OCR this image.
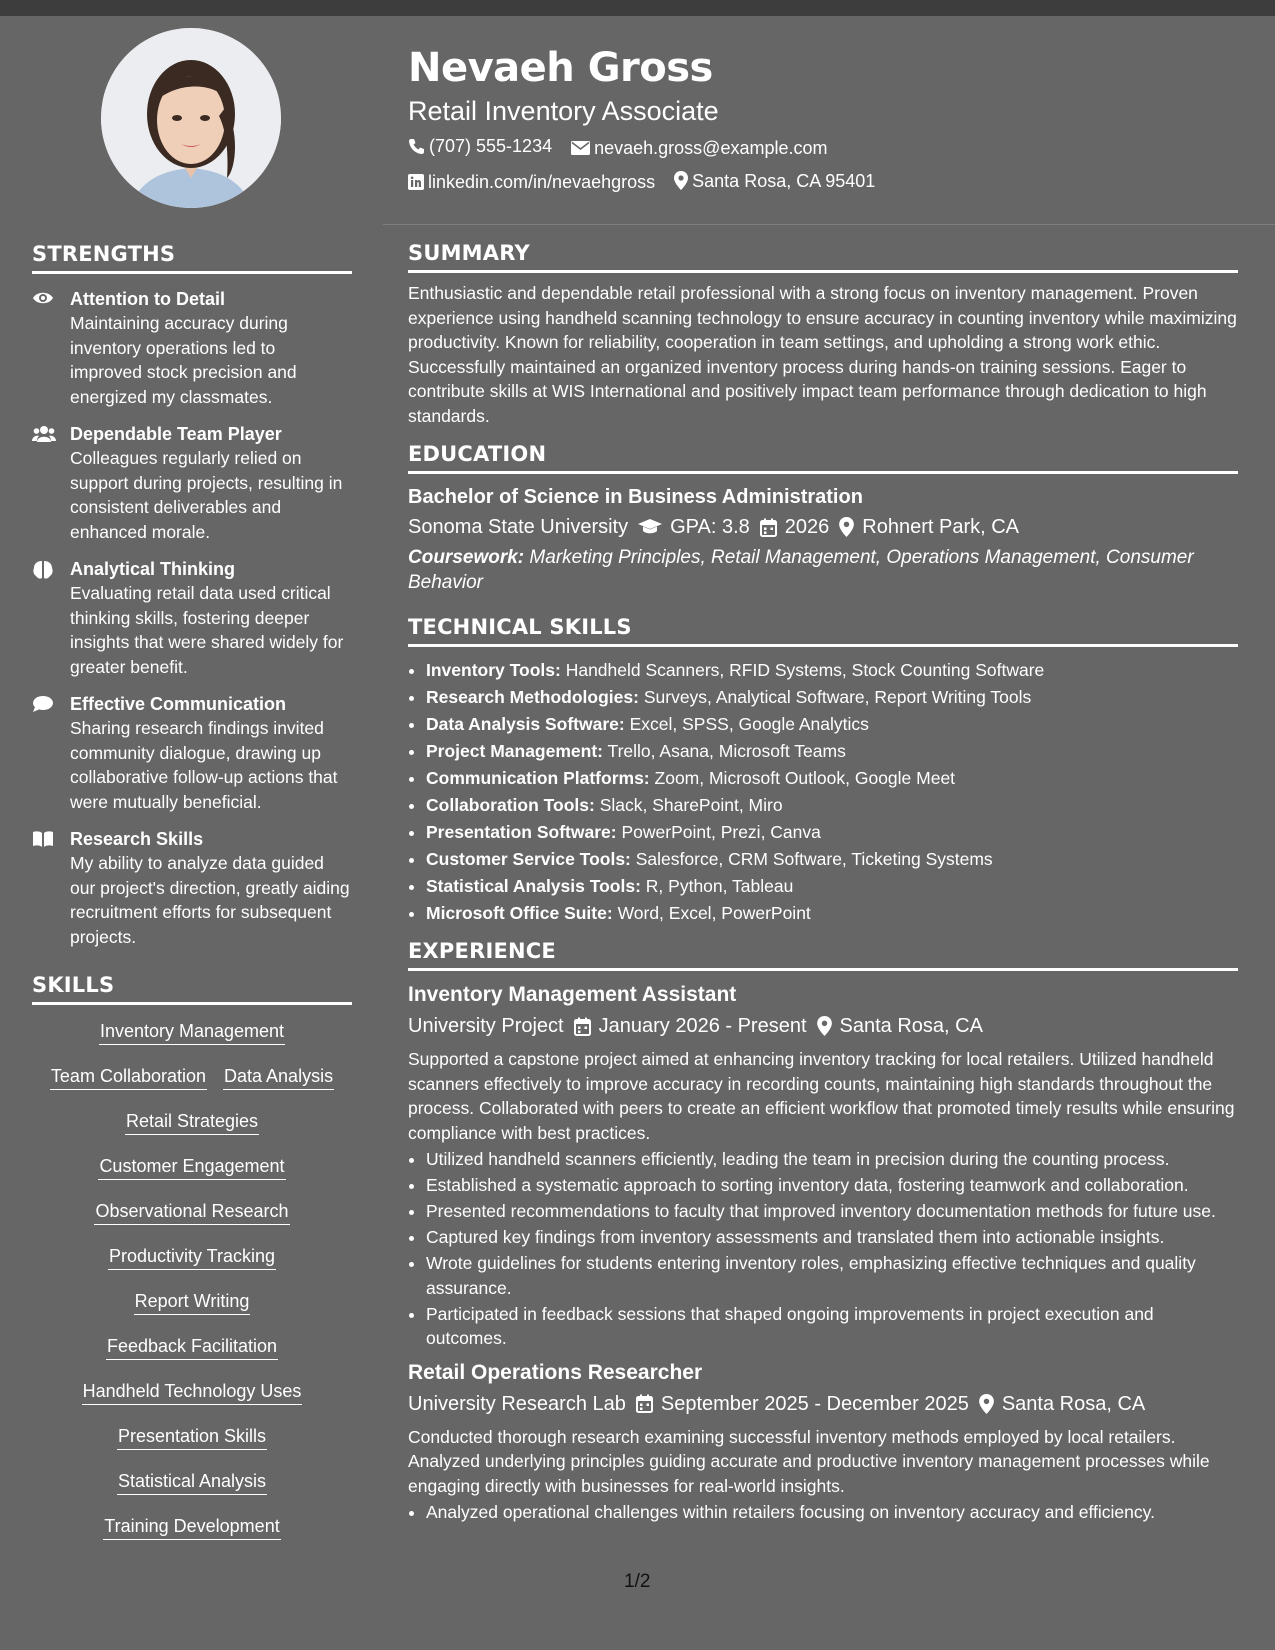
STRENGTHS
Attention to Detail
Maintaining accuracy during inventory operations led to improved stock precision and energized my classmates.
Dependable Team Player
Colleagues regularly relied on support during projects, resulting in consistent deliverables and enhanced morale.
Analytical Thinking
Evaluating retail data used critical thinking skills, fostering deeper insights that were shared widely for greater benefit.
Effective Communication
Sharing research findings invited community dialogue, drawing up collaborative follow-up actions that were mutually beneficial.
Research Skills
My ability to analyze data guided our project's direction, greatly aiding recruitment efforts for subsequent projects.
SKILLS
Inventory Management
Team Collaboration Data Analysis
Retail Strategies
Customer Engagement
Observational Research
Productivity Tracking
Report Writing
Feedback Facilitation
Handheld Technology Uses
Presentation Skills
Statistical Analysis
Training Development
Nevaeh Gross
Retail Inventory Associate
(707) 555-1234
nevaeh.gross@example.com
linkedin.com/in/nevaehgross
Santa Rosa, CA 95401
SUMMARY
Enthusiastic and dependable retail professional with a strong focus on inventory management. Proven experience using handheld scanning technology to ensure accuracy in counting inventory while maximizing productivity. Known for reliability, cooperation in team settings, and upholding a strong work ethic. Successfully maintained an organized inventory process during hands-on training sessions. Eager to contribute skills at WIS International and positively impact team performance through dedication to high standards.
EDUCATION
Bachelor of Science in Business Administration
Sonoma State University GPA: 3.8 2026 Rohnert Park, CA
Coursework: Marketing Principles, Retail Management, Operations Management, Consumer Behavior
TECHNICAL SKILLS
• Inventory Tools: Handheld Scanners, RFID Systems, Stock Counting Software
• Research Methodologies: Surveys, Analytical Software, Report Writing Tools
• Data Analysis Software: Excel, SPSS, Google Analytics
• Project Management: Trello, Asana, Microsoft Teams
• Communication Platforms: Zoom, Microsoft Outlook, Google Meet
• Collaboration Tools: Slack, SharePoint, Miro
• Presentation Software: PowerPoint, Prezi, Canva
• Customer Service Tools: Salesforce, CRM Software, Ticketing Systems
• Statistical Analysis Tools: R, Python, Tableau
• Microsoft Office Suite: Word, Excel, PowerPoint
EXPERIENCE
Inventory Management Assistant
University Project January 2026 - Present Santa Rosa, CA
Supported a capstone project aimed at enhancing inventory tracking for local retailers. Utilized handheld scanners effectively to improve accuracy in recording counts, maintaining high standards throughout the process. Collaborated with peers to create an efficient workflow that promoted timely results while ensuring compliance with best practices.
• Utilized handheld scanners efficiently, leading the team in precision during the counting process.
• Established a systematic approach to sorting inventory data, fostering teamwork and collaboration.
• Presented recommendations to faculty that improved inventory documentation methods for future use.
• Captured key findings from inventory assessments and translated them into actionable insights.
• Wrote guidelines for students entering inventory roles, emphasizing effective techniques and quality assurance.
• Participated in feedback sessions that shaped ongoing improvements in project execution and outcomes.
Retail Operations Researcher
University Research Lab September 2025 - December 2025 Santa Rosa, CA
Conducted thorough research examining successful inventory methods employed by local retailers. Analyzed underlying principles guiding accurate and productive inventory management processes while engaging directly with businesses for real-world insights.
• Analyzed operational challenges within retailers focusing on inventory accuracy and efficiency.
1/2
